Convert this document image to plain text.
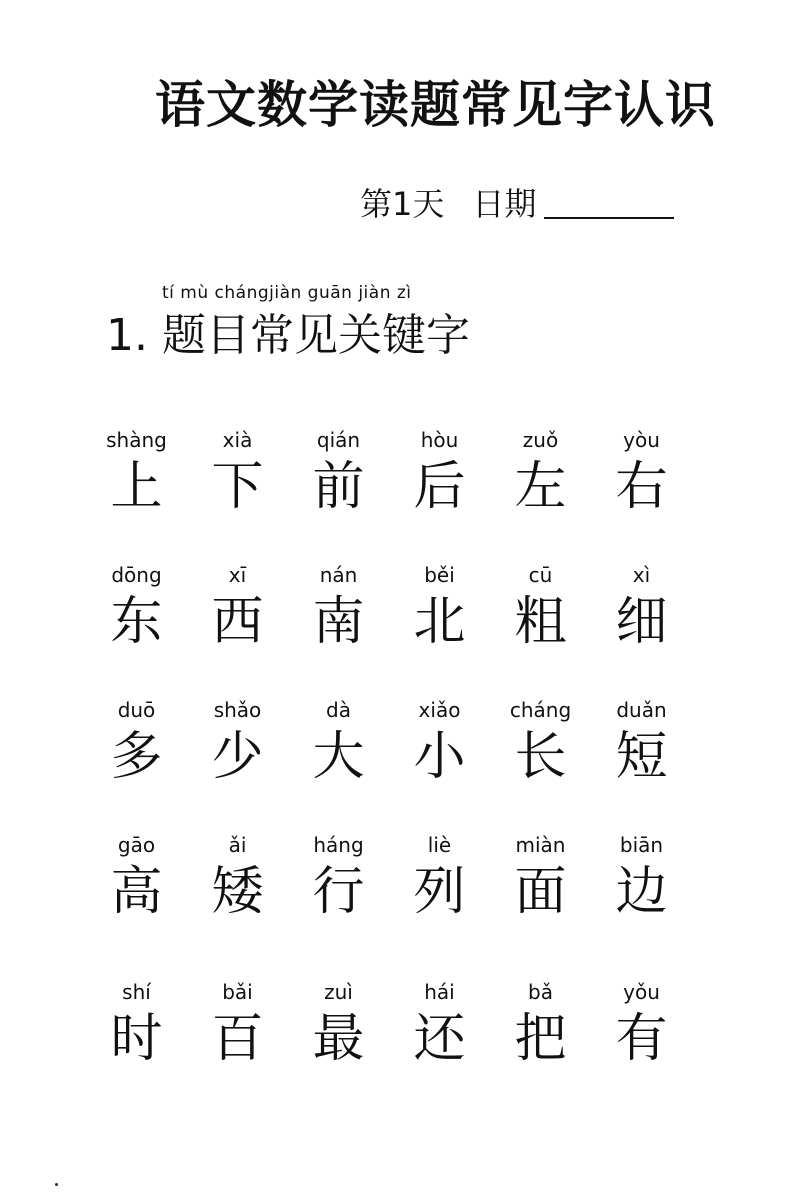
语文数学读题常见字认识
第1天 日期
tí mù chángjiàn guān jiàn zì
1. 题目常见关键字
shàng
上
xià
下
qián
前
hòu
后
zuǒ
左
yòu
右
dōng
东
xī
西
nán
南
běi
北
cū
粗
xì
细
duō
多
shǎo
少
dà
大
xiǎo
小
cháng
长
duǎn
短
gāo
高
ǎi
矮
háng
行
liè
列
miàn
面
biān
边
shí
时
bǎi
百
zuì
最
hái
还
bǎ
把
yǒu
有
